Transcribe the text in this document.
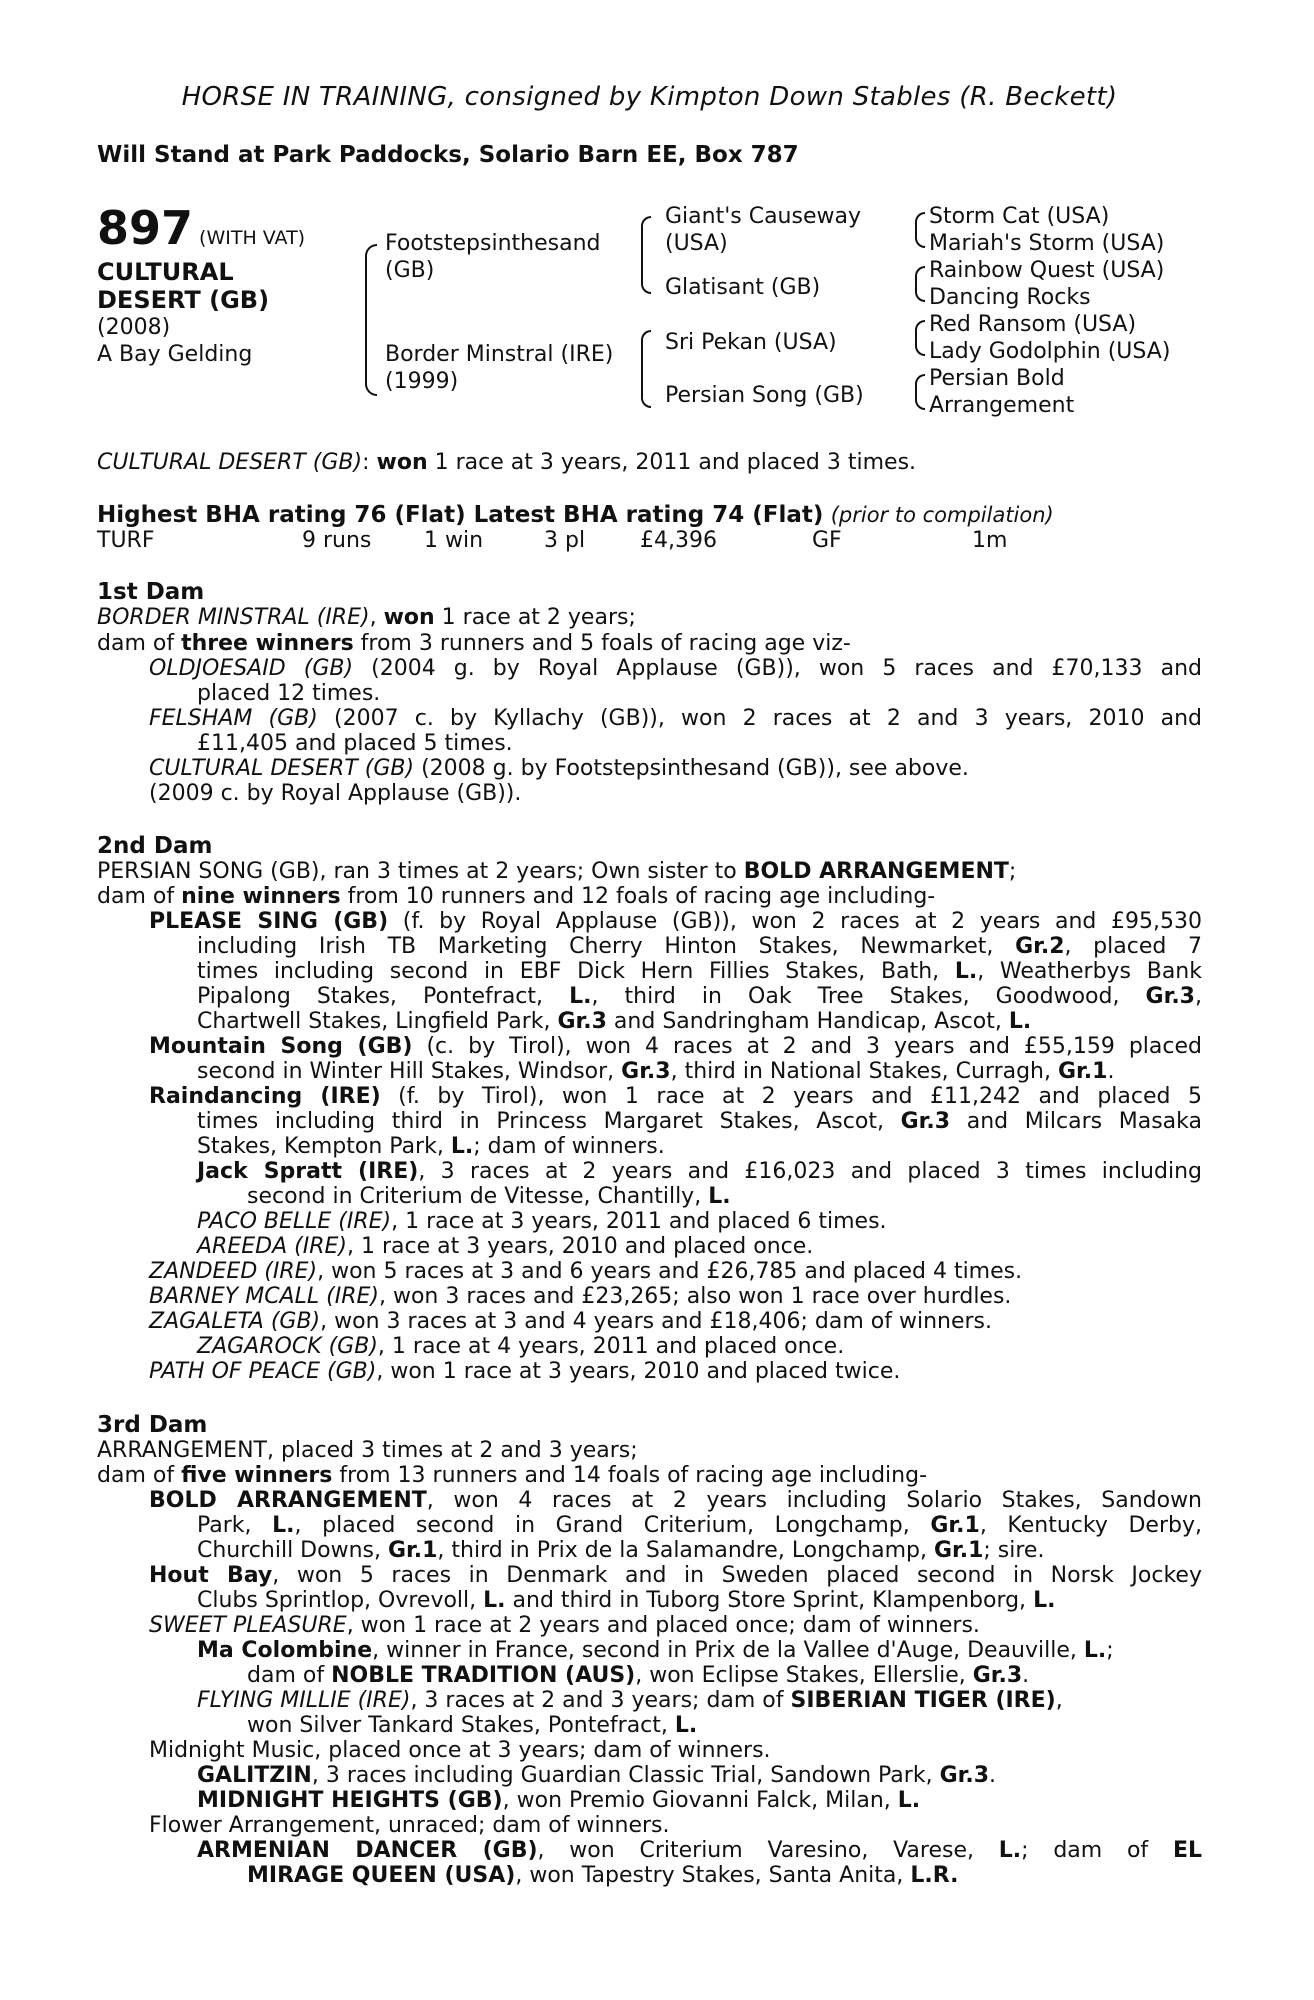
HORSE IN TRAINING, consigned by Kimpton Down Stables (R. Beckett)
Will Stand at Park Paddocks, Solario Barn EE, Box 787
897 (WITH VAT)
CULTURAL
DESERT (GB)
(2008)
A Bay Gelding
Footstepsinthesand
(GB)
Border Minstral (IRE)
(1999)
Giant's Causeway
(USA)
Glatisant (GB)
Sri Pekan (USA)
Persian Song (GB)
Storm Cat (USA)
Mariah's Storm (USA)
Rainbow Quest (USA)
Dancing Rocks
Red Ransom (USA)
Lady Godolphin (USA)
Persian Bold
Arrangement
CULTURAL DESERT (GB): won 1 race at 3 years, 2011 and placed 3 times.
Highest BHA rating 76 (Flat) Latest BHA rating 74 (Flat) (prior to compilation)
TURF	9 runs 1 win	3 pl £4,396	GF	1m
1st Dam
BORDER MINSTRAL (IRE), won 1 race at 2 years;
dam of three winners from 3 runners and 5 foals of racing age viz-
OLDJOESAID (GB) (2004 g. by Royal Applause (GB)), won 5 races and £70,133 and
placed 12 times.
FELSHAM (GB) (2007 c. by Kyllachy (GB)), won 2 races at 2 and 3 years, 2010 and
£11,405 and placed 5 times.
CULTURAL DESERT (GB) (2008 g. by Footstepsinthesand (GB)), see above.
(2009 c. by Royal Applause (GB)).
2nd Dam
PERSIAN SONG (GB), ran 3 times at 2 years; Own sister to BOLD ARRANGEMENT;
dam of nine winners from 10 runners and 12 foals of racing age including-
PLEASE SING (GB) (f. by Royal Applause (GB)), won 2 races at 2 years and £95,530
including Irish TB Marketing Cherry Hinton Stakes, Newmarket, Gr.2, placed 7
times including second in EBF Dick Hern Fillies Stakes, Bath, L., Weatherbys Bank
Pipalong Stakes, Pontefract, L., third in Oak Tree Stakes, Goodwood, Gr.3,
Chartwell Stakes, Lingfield Park, Gr.3 and Sandringham Handicap, Ascot, L.
Mountain Song (GB) (c. by Tirol), won 4 races at 2 and 3 years and £55,159 placed
second in Winter Hill Stakes, Windsor, Gr.3, third in National Stakes, Curragh, Gr.1.
Raindancing (IRE) (f. by Tirol), won 1 race at 2 years and £11,242 and placed 5
times including third in Princess Margaret Stakes, Ascot, Gr.3 and Milcars Masaka
Stakes, Kempton Park, L.; dam of winners.
Jack Spratt (IRE), 3 races at 2 years and £16,023 and placed 3 times including
second in Criterium de Vitesse, Chantilly, L.
PACO BELLE (IRE), 1 race at 3 years, 2011 and placed 6 times.
AREEDA (IRE), 1 race at 3 years, 2010 and placed once.
ZANDEED (IRE), won 5 races at 3 and 6 years and £26,785 and placed 4 times.
BARNEY MCALL (IRE), won 3 races and £23,265; also won 1 race over hurdles.
ZAGALETA (GB), won 3 races at 3 and 4 years and £18,406; dam of winners.
ZAGAROCK (GB), 1 race at 4 years, 2011 and placed once.
PATH OF PEACE (GB), won 1 race at 3 years, 2010 and placed twice.
3rd Dam
ARRANGEMENT, placed 3 times at 2 and 3 years;
dam of five winners from 13 runners and 14 foals of racing age including-
BOLD ARRANGEMENT, won 4 races at 2 years including Solario Stakes, Sandown
Park, L., placed second in Grand Criterium, Longchamp, Gr.1, Kentucky Derby,
Churchill Downs, Gr.1, third in Prix de la Salamandre, Longchamp, Gr.1; sire.
Hout Bay, won 5 races in Denmark and in Sweden placed second in Norsk Jockey
Clubs Sprintlop, Ovrevoll, L. and third in Tuborg Store Sprint, Klampenborg, L.
SWEET PLEASURE, won 1 race at 2 years and placed once; dam of winners.
Ma Colombine, winner in France, second in Prix de la Vallee d'Auge, Deauville, L.;
dam of NOBLE TRADITION (AUS), won Eclipse Stakes, Ellerslie, Gr.3.
FLYING MILLIE (IRE), 3 races at 2 and 3 years; dam of SIBERIAN TIGER (IRE),
won Silver Tankard Stakes, Pontefract, L.
Midnight Music, placed once at 3 years; dam of winners.
GALITZIN, 3 races including Guardian Classic Trial, Sandown Park, Gr.3.
MIDNIGHT HEIGHTS (GB), won Premio Giovanni Falck, Milan, L.
Flower Arrangement, unraced; dam of winners.
ARMENIAN DANCER (GB), won Criterium Varesino, Varese, L.; dam of EL
MIRAGE QUEEN (USA), won Tapestry Stakes, Santa Anita, L.R.
